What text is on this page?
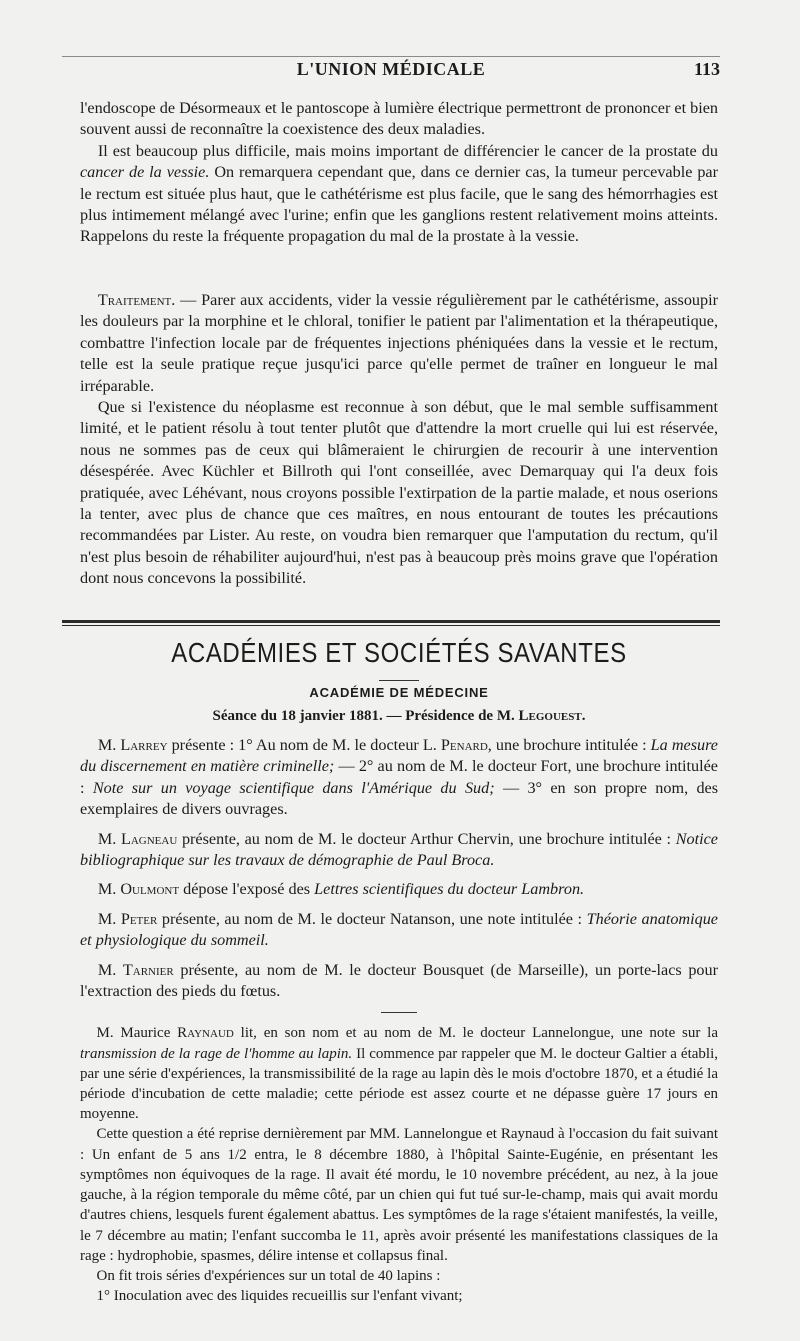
L'UNION MÉDICALE	113

l'endoscope de Désormeaux et le pantoscope à lumière électrique permettront de prononcer et bien souvent aussi de reconnaître la coexistence des deux maladies.

Il est beaucoup plus difficile, mais moins important de différencier le cancer de la prostate du cancer de la vessie. On remarquera cependant que, dans ce dernier cas, la tumeur percevable par le rectum est située plus haut, que le cathétérisme est plus facile, que le sang des hémorrhagies est plus intimement mélangé avec l'urine; enfin que les ganglions restent relativement moins atteints. Rappelons du reste la fréquente propagation du mal de la prostate à la vessie.

Traitement. — Parer aux accidents, vider la vessie régulièrement par le cathétérisme, assoupir les douleurs par la morphine et le chloral, tonifier le patient par l'alimentation et la thérapeutique, combattre l'infection locale par de fréquentes injections phéniquées dans la vessie et le rectum, telle est la seule pratique reçue jusqu'ici parce qu'elle permet de traîner en longueur le mal irréparable.

Que si l'existence du néoplasme est reconnue à son début, que le mal semble suffisamment limité, et le patient résolu à tout tenter plutôt que d'attendre la mort cruelle qui lui est réservée, nous ne sommes pas de ceux qui blâmeraient le chirurgien de recourir à une intervention désespérée. Avec Küchler et Billroth qui l'ont conseillée, avec Demarquay qui l'a deux fois pratiquée, avec Léhévant, nous croyons possible l'extirpation de la partie malade, et nous oserions la tenter, avec plus de chance que ces maîtres, en nous entourant de toutes les précautions recommandées par Lister. Au reste, on voudra bien remarquer que l'amputation du rectum, qu'il n'est plus besoin de réhabiliter aujourd'hui, n'est pas à beaucoup près moins grave que l'opération dont nous concevons la possibilité.

ACADÉMIES ET SOCIÉTÉS SAVANTES
ACADÉMIE DE MÉDECINE
Séance du 18 janvier 1881. — Présidence de M. Legouest.

M. Larrey présente : 1° Au nom de M. le docteur L. Penard, une brochure intitulée : La mesure du discernement en matière criminelle; — 2° au nom de M. le docteur Fort, une brochure intitulée : Note sur un voyage scientifique dans l'Amérique du Sud; — 3° en son propre nom, des exemplaires de divers ouvrages.

M. Lagneau présente, au nom de M. le docteur Arthur Chervin, une brochure intitulée : Notice bibliographique sur les travaux de démographie de Paul Broca.

M. Oulmont dépose l'exposé des Lettres scientifiques du docteur Lambron.

M. Peter présente, au nom de M. le docteur Natanson, une note intitulée : Théorie anatomique et physiologique du sommeil.

M. Tarnier présente, au nom de M. le docteur Bousquet (de Marseille), un porte-lacs pour l'extraction des pieds du fœtus.

M. Maurice Raynaud lit, en son nom et au nom de M. le docteur Lannelongue, une note sur la transmission de la rage de l'homme au lapin. Il commence par rappeler que M. le docteur Galtier a établi, par une série d'expériences, la transmissibilité de la rage au lapin dès le mois d'octobre 1870, et a étudié la période d'incubation de cette maladie; cette période est assez courte et ne dépasse guère 17 jours en moyenne.

Cette question a été reprise dernièrement par MM. Lannelongue et Raynaud à l'occasion du fait suivant : Un enfant de 5 ans 1/2 entra, le 8 décembre 1880, à l'hôpital Sainte-Eugénie, en présentant les symptômes non équivoques de la rage. Il avait été mordu, le 10 novembre précédent, au nez, à la joue gauche, à la région temporale du même côté, par un chien qui fut tué sur-le-champ, mais qui avait mordu d'autres chiens, lesquels furent également abattus. Les symptômes de la rage s'étaient manifestés, la veille, le 7 décembre au matin; l'enfant succomba le 11, après avoir présenté les manifestations classiques de la rage : hydrophobie, spasmes, délire intense et collapsus final.

On fit trois séries d'expériences sur un total de 40 lapins :

1° Inoculation avec des liquides recueillis sur l'enfant vivant;
